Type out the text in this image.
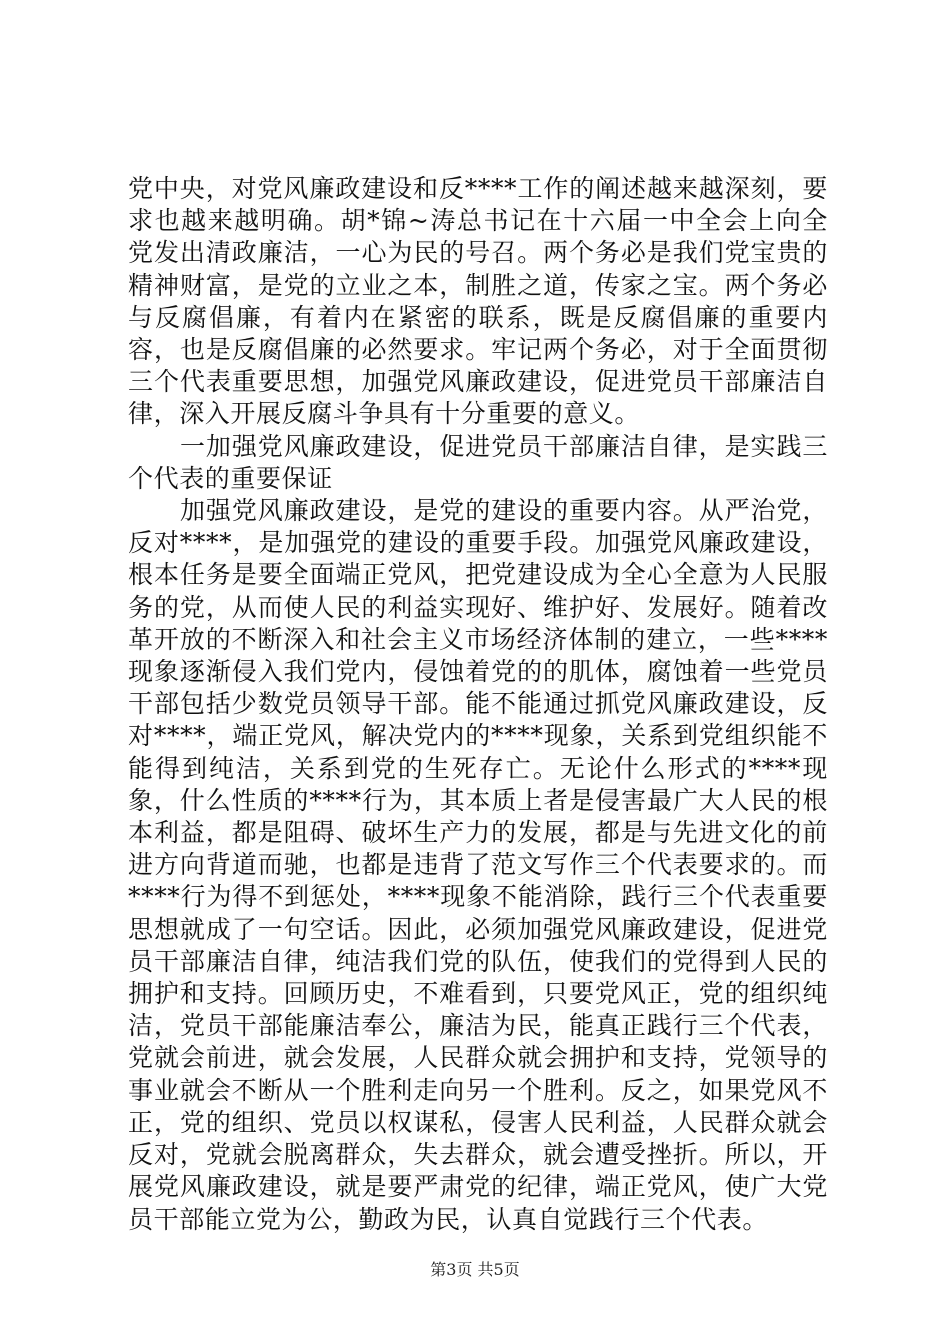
党中央，对党风廉政建设和反****工作的阐述越来越深刻，要求也越来越明确。胡*锦~涛总书记在十六届一中全会上向全党发出清政廉洁，一心为民的号召。两个务必是我们党宝贵的精神财富，是党的立业之本，制胜之道，传家之宝。两个务必与反腐倡廉，有着内在紧密的联系，既是反腐倡廉的重要内容，也是反腐倡廉的必然要求。牢记两个务必，对于全面贯彻三个代表重要思想，加强党风廉政建设，促进党员干部廉洁自律，深入开展反腐斗争具有十分重要的意义。

一加强党风廉政建设，促进党员干部廉洁自律，是实践三个代表的重要保证

加强党风廉政建设，是党的建设的重要内容。从严治党，反对****，是加强党的建设的重要手段。加强党风廉政建设，根本任务是要全面端正党风，把党建设成为全心全意为人民服务的党，从而使人民的利益实现好、维护好、发展好。随着改革开放的不断深入和社会主义市场经济体制的建立，一些****现象逐渐侵入我们党内，侵蚀着党的的肌体，腐蚀着一些党员干部包括少数党员领导干部。能不能通过抓党风廉政建设，反对****，端正党风，解决党内的****现象，关系到党组织能不能得到纯洁，关系到党的生死存亡。无论什么形式的****现象，什么性质的****行为，其本质上者是侵害最广大人民的根本利益，都是阻碍、破坏生产力的发展，都是与先进文化的前进方向背道而驰，也都是违背了范文写作三个代表要求的。而****行为得不到惩处，****现象不能消除，践行三个代表重要思想就成了一句空话。因此，必须加强党风廉政建设，促进党员干部廉洁自律，纯洁我们党的队伍，使我们的党得到人民的拥护和支持。回顾历史，不难看到，只要党风正，党的组织纯洁，党员干部能廉洁奉公，廉洁为民，能真正践行三个代表，党就会前进，就会发展，人民群众就会拥护和支持，党领导的事业就会不断从一个胜利走向另一个胜利。反之，如果党风不正，党的组织、党员以权谋私，侵害人民利益，人民群众就会反对，党就会脱离群众，失去群众，就会遭受挫折。所以，开展党风廉政建设，就是要严肃党的纪律，端正党风，使广大党员干部能立党为公，勤政为民，认真自觉践行三个代表。

第3页 共5页
